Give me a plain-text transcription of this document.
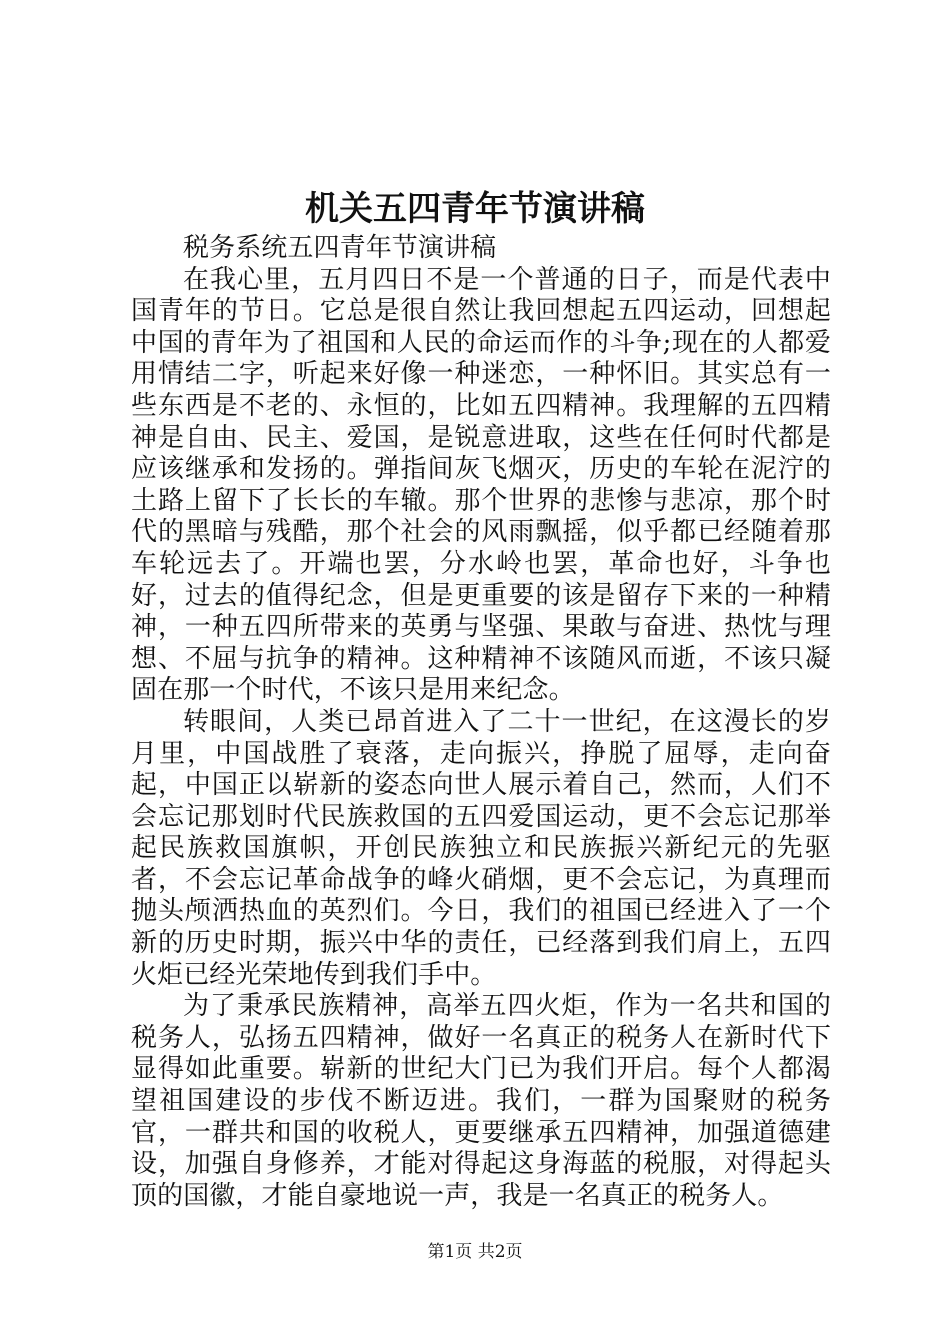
机关五四青年节演讲稿

税务系统五四青年节演讲稿

在我心里，五月四日不是一个普通的日子，而是代表中国青年的节日。它总是很自然让我回想起五四运动，回想起中国的青年为了祖国和人民的命运而作的斗争;现在的人都爱用情结二字，听起来好像一种迷恋，一种怀旧。其实总有一些东西是不老的、永恒的，比如五四精神。我理解的五四精神是自由、民主、爱国，是锐意进取，这些在任何时代都是应该继承和发扬的。弹指间灰飞烟灭，历史的车轮在泥泞的土路上留下了长长的车辙。那个世界的悲惨与悲凉，那个时代的黑暗与残酷，那个社会的风雨飘摇，似乎都已经随着那车轮远去了。开端也罢，分水岭也罢，革命也好，斗争也好，过去的值得纪念，但是更重要的该是留存下来的一种精神，一种五四所带来的英勇与坚强、果敢与奋进、热忱与理想、不屈与抗争的精神。这种精神不该随风而逝，不该只凝固在那一个时代，不该只是用来纪念。

转眼间，人类已昂首进入了二十一世纪，在这漫长的岁月里，中国战胜了衰落，走向振兴，挣脱了屈辱，走向奋起，中国正以崭新的姿态向世人展示着自己，然而，人们不会忘记那划时代民族救国的五四爱国运动，更不会忘记那举起民族救国旗帜，开创民族独立和民族振兴新纪元的先驱者，不会忘记革命战争的峰火硝烟，更不会忘记，为真理而抛头颅洒热血的英烈们。今日，我们的祖国已经进入了一个新的历史时期，振兴中华的责任，已经落到我们肩上，五四火炬已经光荣地传到我们手中。

为了秉承民族精神，高举五四火炬，作为一名共和国的税务人，弘扬五四精神，做好一名真正的税务人在新时代下显得如此重要。崭新的世纪大门已为我们开启。每个人都渴望祖国建设的步伐不断迈进。我们，一群为国聚财的税务官，一群共和国的收税人，更要继承五四精神，加强道德建设，加强自身修养，才能对得起这身海蓝的税服，对得起头顶的国徽，才能自豪地说一声，我是一名真正的税务人。

第1页 共2页
